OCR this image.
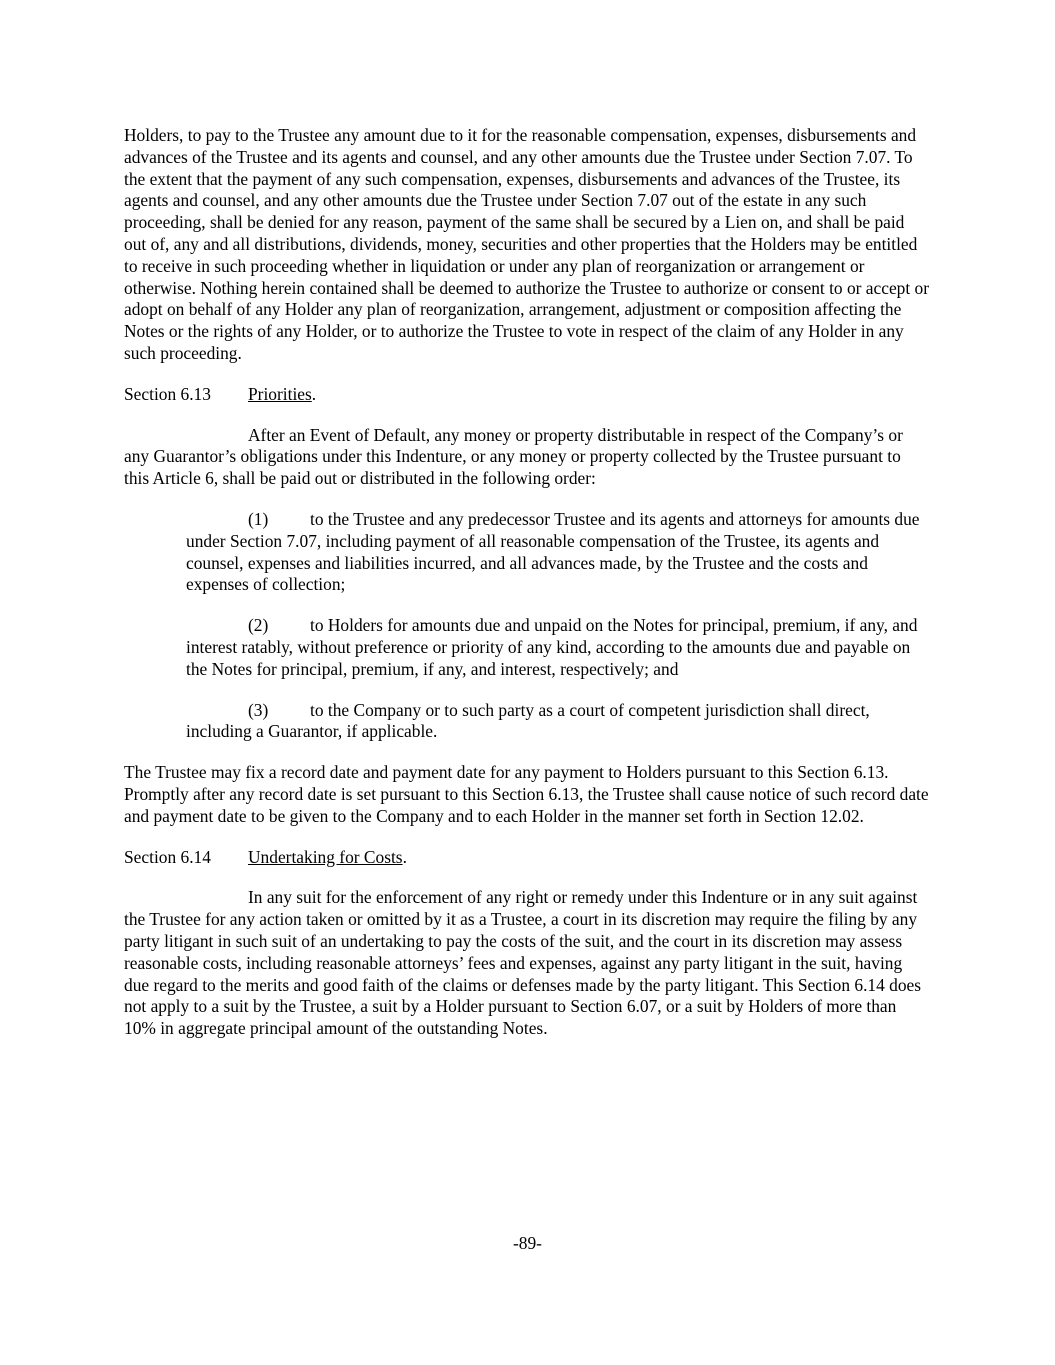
Holders, to pay to the Trustee any amount due to it for the reasonable compensation, expenses, disbursements and advances of the Trustee and its agents and counsel, and any other amounts due the Trustee under Section 7.07. To the extent that the payment of any such compensation, expenses, disbursements and advances of the Trustee, its agents and counsel, and any other amounts due the Trustee under Section 7.07 out of the estate in any such proceeding, shall be denied for any reason, payment of the same shall be secured by a Lien on, and shall be paid out of, any and all distributions, dividends, money, securities and other properties that the Holders may be entitled to receive in such proceeding whether in liquidation or under any plan of reorganization or arrangement or otherwise. Nothing herein contained shall be deemed to authorize the Trustee to authorize or consent to or accept or adopt on behalf of any Holder any plan of reorganization, arrangement, adjustment or composition affecting the Notes or the rights of any Holder, or to authorize the Trustee to vote in respect of the claim of any Holder in any such proceeding.

Section 6.13	Priorities.

After an Event of Default, any money or property distributable in respect of the Company’s or any Guarantor’s obligations under this Indenture, or any money or property collected by the Trustee pursuant to this Article 6, shall be paid out or distributed in the following order:

(1) to the Trustee and any predecessor Trustee and its agents and attorneys for amounts due under Section 7.07, including payment of all reasonable compensation of the Trustee, its agents and counsel, expenses and liabilities incurred, and all advances made, by the Trustee and the costs and expenses of collection;

(2) to Holders for amounts due and unpaid on the Notes for principal, premium, if any, and interest ratably, without preference or priority of any kind, according to the amounts due and payable on the Notes for principal, premium, if any, and interest, respectively; and

(3) to the Company or to such party as a court of competent jurisdiction shall direct, including a Guarantor, if applicable.

The Trustee may fix a record date and payment date for any payment to Holders pursuant to this Section 6.13. Promptly after any record date is set pursuant to this Section 6.13, the Trustee shall cause notice of such record date and payment date to be given to the Company and to each Holder in the manner set forth in Section 12.02.

Section 6.14	Undertaking for Costs.

In any suit for the enforcement of any right or remedy under this Indenture or in any suit against the Trustee for any action taken or omitted by it as a Trustee, a court in its discretion may require the filing by any party litigant in such suit of an undertaking to pay the costs of the suit, and the court in its discretion may assess reasonable costs, including reasonable attorneys’ fees and expenses, against any party litigant in the suit, having due regard to the merits and good faith of the claims or defenses made by the party litigant. This Section 6.14 does not apply to a suit by the Trustee, a suit by a Holder pursuant to Section 6.07, or a suit by Holders of more than 10% in aggregate principal amount of the outstanding Notes.

-89-
